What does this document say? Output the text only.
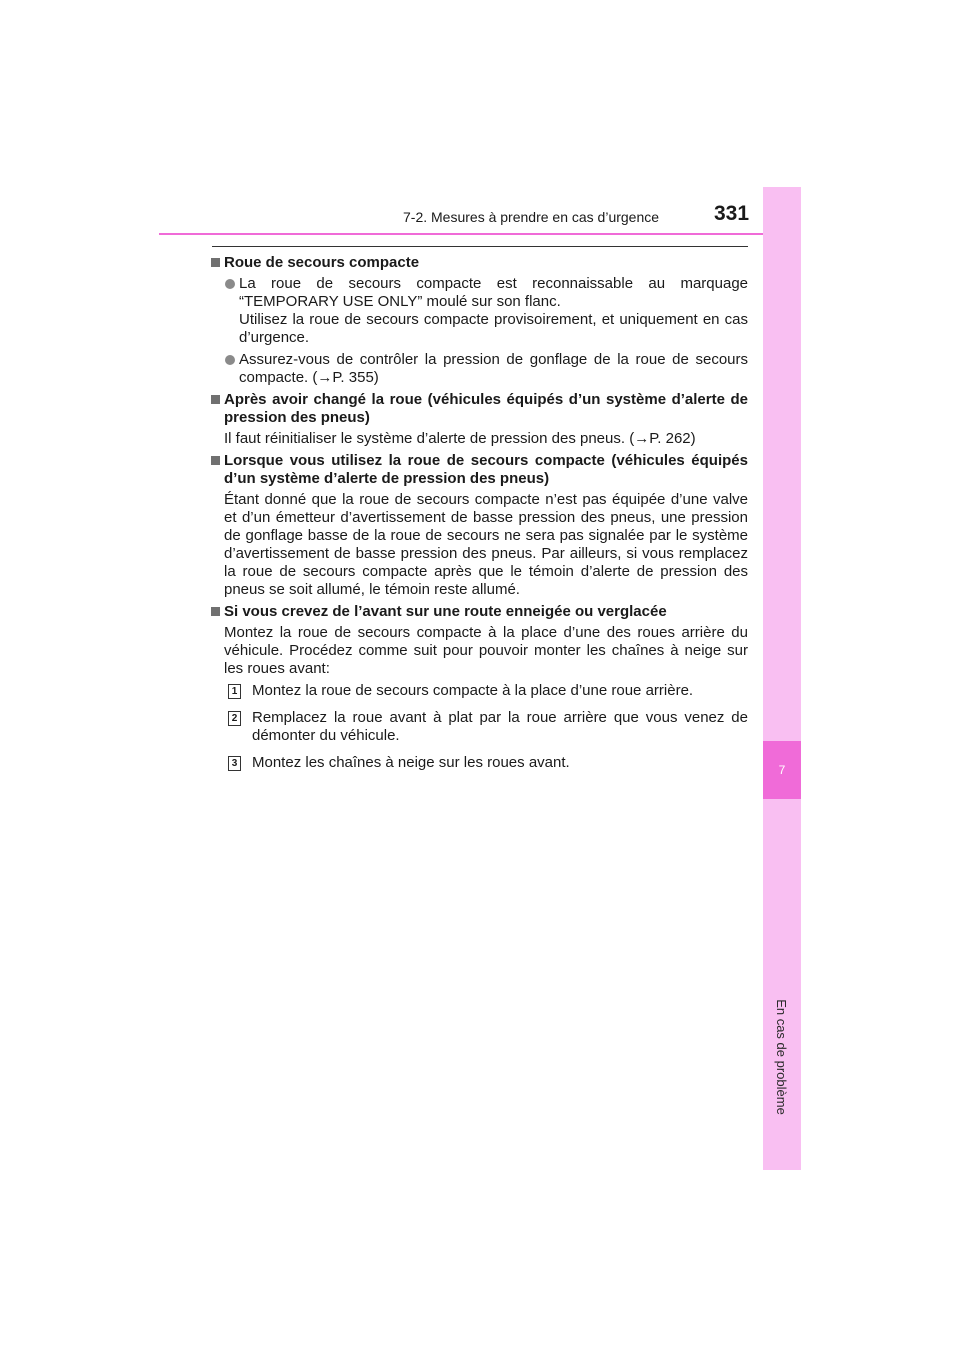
7-2. Mesures à prendre en cas d’urgence	331
7
En cas de problème
Roue de secours compacte

La roue de secours compacte est reconnaissable au marquage “TEMPORARY USE ONLY” moulé sur son flanc.

Utilisez la roue de secours compacte provisoirement, et uniquement en cas d’urgence.

Assurez-vous de contrôler la pression de gonflage de la roue de secours compacte. (→P. 355)

Après avoir changé la roue (véhicules équipés d’un système d’alerte de pression des pneus)

Il faut réinitialiser le système d’alerte de pression des pneus. (→P. 262)

Lorsque vous utilisez la roue de secours compacte (véhicules équipés d’un système d’alerte de pression des pneus)

Étant donné que la roue de secours compacte n’est pas équipée d’une valve et d’un émetteur d’avertissement de basse pression des pneus, une pression de gonflage basse de la roue de secours ne sera pas signalée par le système d’avertissement de basse pression des pneus. Par ailleurs, si vous remplacez la roue de secours compacte après que le témoin d’alerte de pression des pneus se soit allumé, le témoin reste allumé.

Si vous crevez de l’avant sur une route enneigée ou verglacée

Montez la roue de secours compacte à la place d’une des roues arrière du véhicule. Procédez comme suit pour pouvoir monter les chaînes à neige sur les roues avant:

1 Montez la roue de secours compacte à la place d’une roue arrière.
2 Remplacez la roue avant à plat par la roue arrière que vous venez de démonter du véhicule.
3 Montez les chaînes à neige sur les roues avant.
